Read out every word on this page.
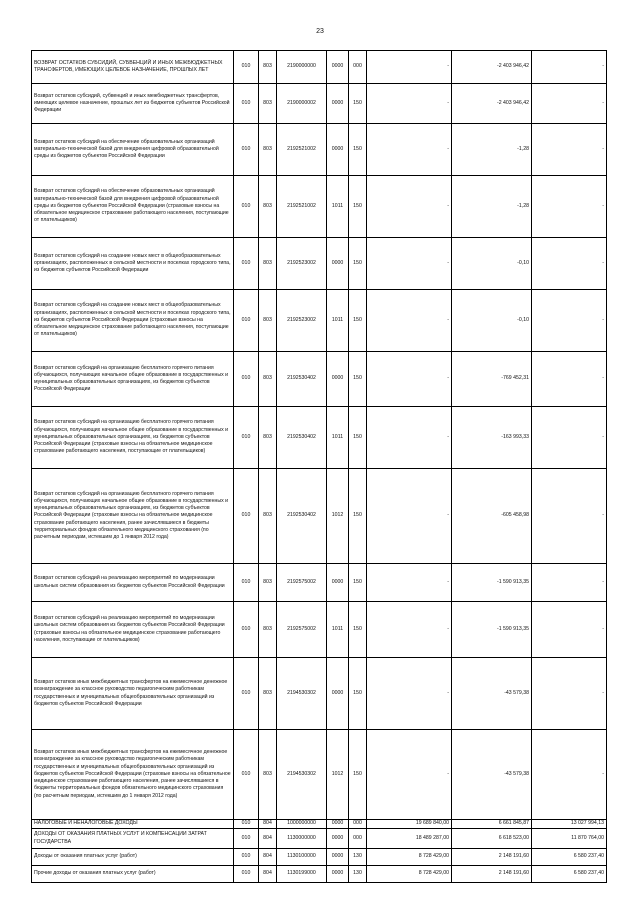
23
ВОЗВРАТ ОСТАТКОВ СУБСИДИЙ, СУБВЕНЦИЙ И ИНЫХ МЕЖБЮДЖЕТНЫХ ТРАНСФЕРТОВ, ИМЕЮЩИХ ЦЕЛЕВОЕ НАЗНАЧЕНИЕ, ПРОШЛЫХ ЛЕТ	010	803	2190000000	0000	000	-	-2 403 946,42	-
Возврат остатков субсидий, субвенций и иных межбюджетных трансфертов, имеющих целевое назначение, прошлых лет из бюджетов субъектов Российской Федерации	010	803	2190000002	0000	150	-	-2 403 946,42	-
Возврат остатков субсидий на обеспечение образовательных организаций материально-технической базой для внедрения цифровой образовательной среды из бюджетов субъектов Российской Федерации	010	803	2192521002	0000	150	-	-1,28	-
Возврат остатков субсидий на обеспечение образовательных организаций материально-технической базой для внедрения цифровой образовательной среды из бюджетов субъектов Российской Федерации (страховые взносы на обязательное медицинское страхование работающего населения, поступающие от плательщиков)	010	803	2192521002	1011	150	-	-1,28	-
Возврат остатков субсидий на создание новых мест в общеобразовательных организациях, расположенных в сельской местности и поселках городского типа, из бюджетов субъектов Российской Федерации	010	803	2192523002	0000	150	-	-0,10	-
Возврат остатков субсидий на создание новых мест в общеобразовательных организациях, расположенных в сельской местности и поселках городского типа, из бюджетов субъектов Российской Федерации (страховые взносы на обязательное медицинское страхование работающего населения, поступающие от плательщиков)	010	803	2192523002	1011	150	-	-0,10	-
Возврат остатков субсидий на организацию бесплатного горячего питания обучающихся, получающих начальное общее образование в государственных и муниципальных образовательных организациях, из бюджетов субъектов Российской Федерации	010	803	2192530402	0000	150	-	-769 452,31	-
Возврат остатков субсидий на организацию бесплатного горячего питания обучающихся, получающих начальное общее образование в государственных и муниципальных образовательных организациях, из бюджетов субъектов Российской Федерации (страховые взносы на обязательное медицинское страхование работающего населения, поступающие от плательщиков)	010	803	2192530402	1011	150	-	-163 993,33	-
Возврат остатков субсидий на организацию бесплатного горячего питания обучающихся, получающих начальное общее образование в государственных и муниципальных образовательных организациях, из бюджетов субъектов Российской Федерации (страховые взносы на обязательное медицинское страхование работающего населения, ранее зачислявшиеся в бюджеты территориальных фондов обязательного медицинского страхования (по расчетным периодам, истекшим до 1 января 2012 года)	010	803	2192530402	1012	150	-	-605 458,98	-
Возврат остатков субсидий на реализацию мероприятий по модернизации школьных систем образования из бюджетов субъектов Российской Федерации	010	803	2192575002	0000	150	-	-1 590 913,35	-
Возврат остатков субсидий на реализацию мероприятий по модернизации школьных систем образования из бюджетов субъектов Российской Федерации (страховые взносы на обязательное медицинское страхование работающего населения, поступающие от плательщиков)	010	803	2192575002	1011	150	-	-1 590 913,35	-
Возврат остатков иных межбюджетных трансфертов на ежемесячное денежное вознаграждение за классное руководство педагогическим работникам государственных и муниципальных общеобразовательных организаций из бюджетов субъектов Российской Федерации	010	803	2194530302	0000	150	-	-43 579,38	-
Возврат остатков иных межбюджетных трансфертов на ежемесячное денежное вознаграждение за классное руководство педагогическим работникам государственных и муниципальных общеобразовательных организаций из бюджетов субъектов Российской Федерации (страховые взносы на обязательное медицинское страхование работающего населения, ранее зачислявшиеся в бюджеты территориальных фондов обязательного медицинского страхования (по расчетным периодам, истекшим до 1 января 2012 года)	010	803	2194530302	1012	150	-	-43 579,38	-
НАЛОГОВЫЕ И НЕНАЛОГОВЫЕ ДОХОДЫ	010	804	1000000000	0000	000	19 689 840,00	6 661 845,87	13 027 994,13
ДОХОДЫ ОТ ОКАЗАНИЯ ПЛАТНЫХ УСЛУГ И КОМПЕНСАЦИИ ЗАТРАТ ГОСУДАРСТВА	010	804	1130000000	0000	000	18 489 287,00	6 618 523,00	11 870 764,00
Доходы от оказания платных услуг (работ)	010	804	1130100000	0000	130	8 728 429,00	2 148 191,60	6 580 237,40
Прочие доходы от оказания платных услуг (работ)	010	804	1130199000	0000	130	8 728 429,00	2 148 191,60	6 580 237,40
